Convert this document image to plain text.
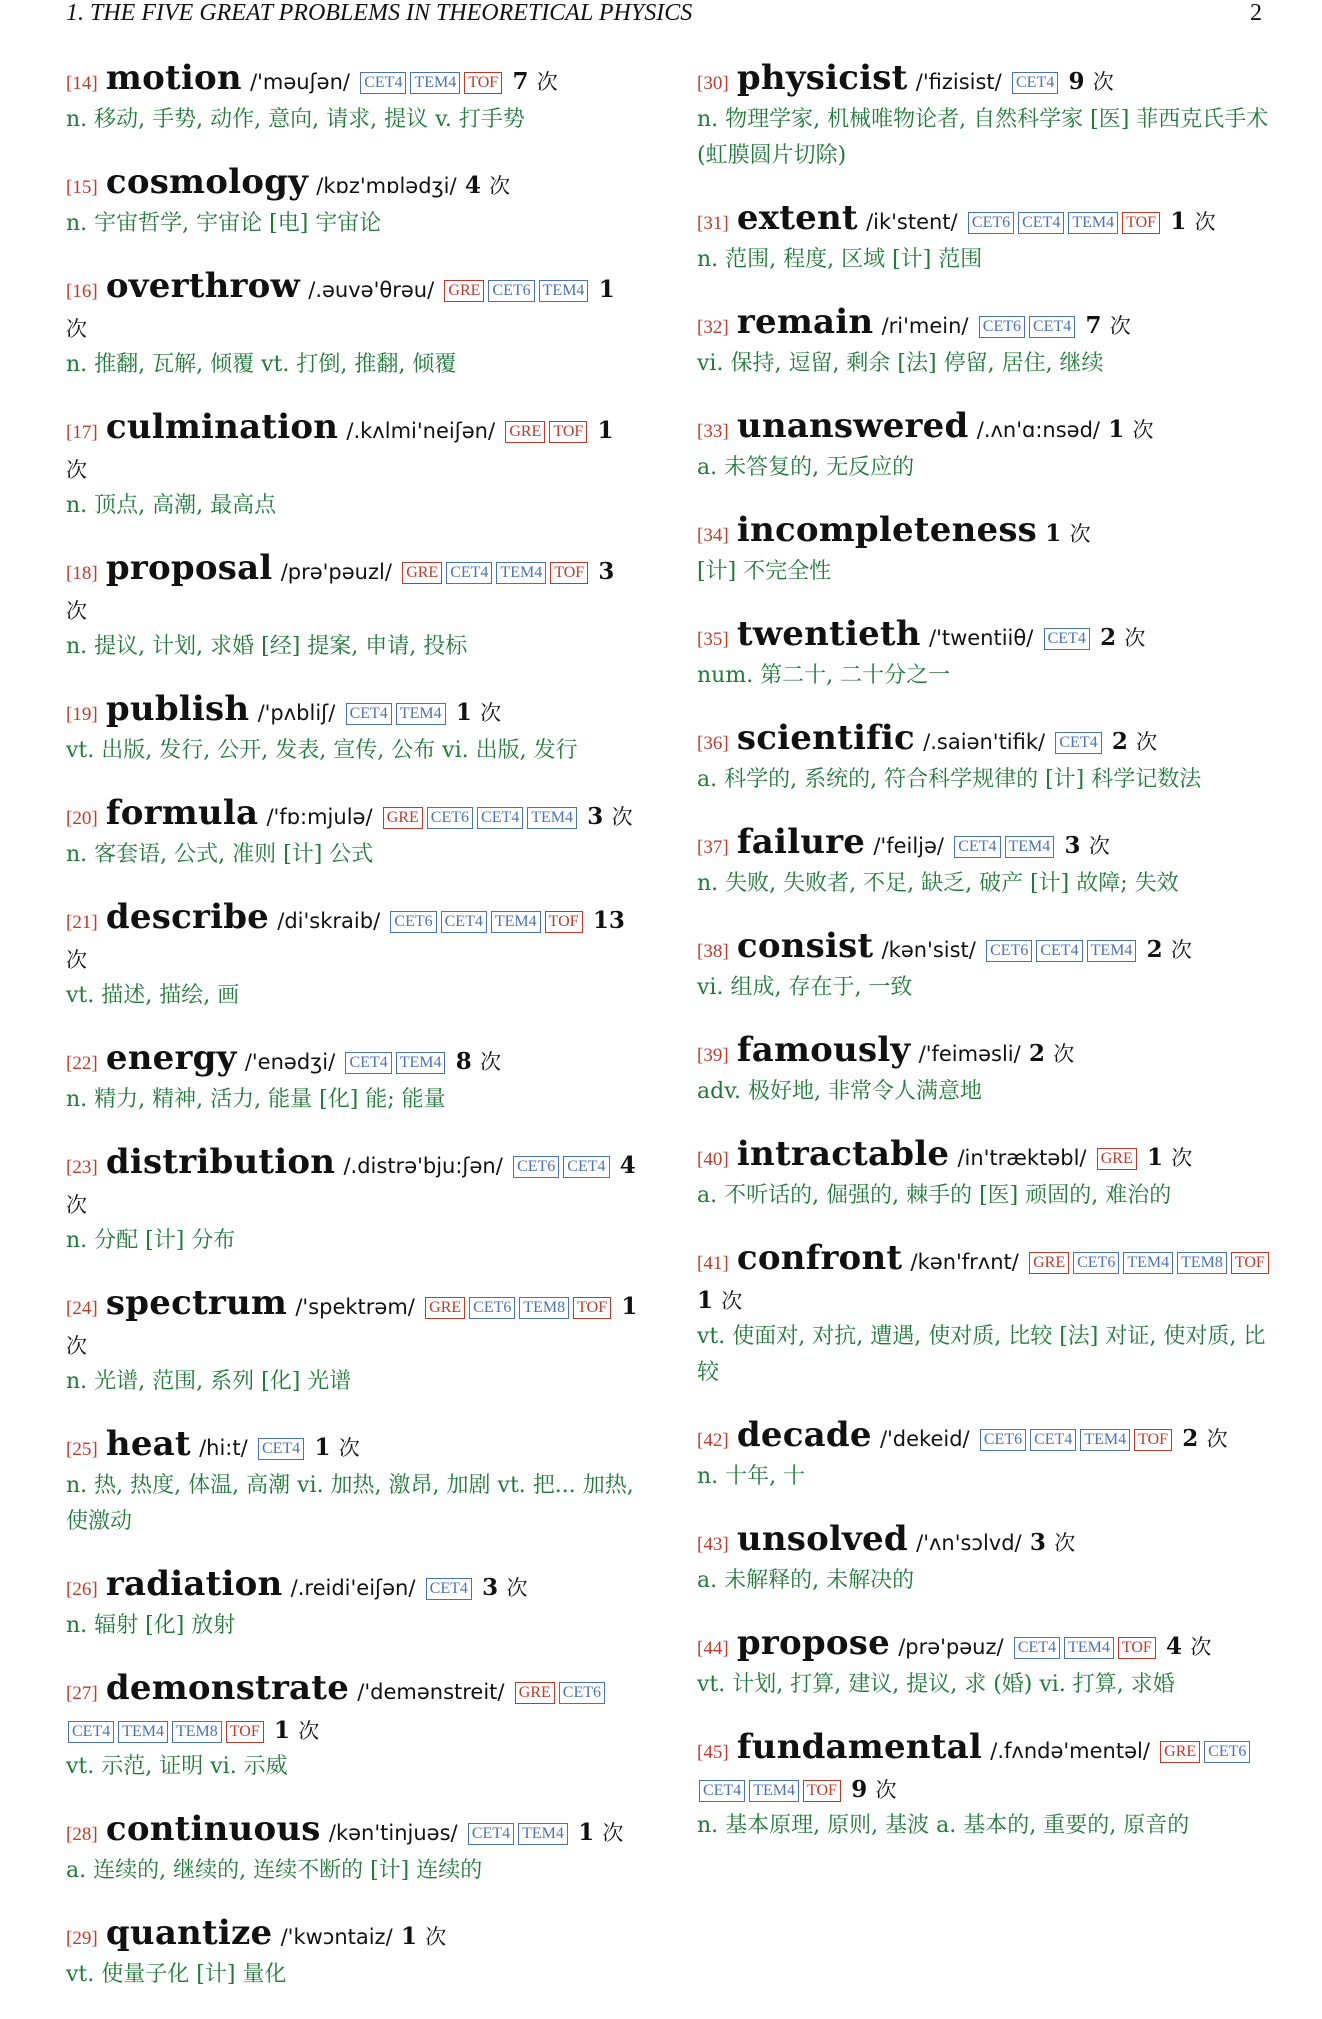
1. THE FIVE GREAT PROBLEMS IN THEORETICAL PHYSICS	2
[14] motion /'məuʃən/ CET4 TEM4 TOF 7 次
n. 移动, 手势, 动作, 意向, 请求, 提议 v. 打手势
[15] cosmology /kɒz'mɒlədʒi/ 4 次
n. 宇宙哲学, 宇宙论 [电] 宇宙论
[16] overthrow /.əuvə'θrəu/ GRE CET6 TEM4 1 次
n. 推翻, 瓦解, 倾覆 vt. 打倒, 推翻, 倾覆
[17] culmination /.kʌlmi'neiʃən/ GRE TOF 1 次
n. 顶点, 高潮, 最高点
[18] proposal /prə'pəuzl/ GRE CET4 TEM4 TOF 3 次
n. 提议, 计划, 求婚 [经] 提案, 申请, 投标
[19] publish /'pʌbliʃ/ CET4 TEM4 1 次
vt. 出版, 发行, 公开, 发表, 宣传, 公布 vi. 出版, 发行
[20] formula /'fɒ:mjulə/ GRE CET6 CET4 TEM4 3 次
n. 客套语, 公式, 准则 [计] 公式
[21] describe /di'skraib/ CET6 CET4 TEM4 TOF 13 次
vt. 描述, 描绘, 画
[22] energy /'enədʒi/ CET4 TEM4 8 次
n. 精力, 精神, 活力, 能量 [化] 能; 能量
[23] distribution /.distrə'bju:ʃən/ CET6 CET4 4 次
n. 分配 [计] 分布
[24] spectrum /'spektrəm/ GRE CET6 TEM8 TOF 1 次
n. 光谱, 范围, 系列 [化] 光谱
[25] heat /hi:t/ CET4 1 次
n. 热, 热度, 体温, 高潮 vi. 加热, 激昂, 加剧 vt. 把... 加热, 使激动
[26] radiation /.reidi'eiʃən/ CET4 3 次
n. 辐射 [化] 放射
[27] demonstrate /'demənstreit/ GRE CET6CET4 TEM4 TEM8 TOF 1 次
vt. 示范, 证明 vi. 示威
[28] continuous /kən'tinjuəs/ CET4 TEM4 1 次
a. 连续的, 继续的, 连续不断的 [计] 连续的
[29] quantize /'kwɔntaiz/ 1 次
vt. 使量子化 [计] 量化
[30] physicist /'fizisist/ CET4 9 次
n. 物理学家, 机械唯物论者, 自然科学家 [医] 菲西克氏手术 (虹膜圆片切除)
[31] extent /ik'stent/ CET6 CET4 TEM4 TOF 1 次
n. 范围, 程度, 区域 [计] 范围
[32] remain /ri'mein/ CET6 CET4 7 次
vi. 保持, 逗留, 剩余 [法] 停留, 居住, 继续
[33] unanswered /.ʌn'ɑ:nsəd/ 1 次
a. 未答复的, 无反应的
[34] incompleteness 1 次
[计] 不完全性
[35] twentieth /'twentiiθ/ CET4 2 次
num. 第二十, 二十分之一
[36] scientific /.saiən'tifik/ CET4 2 次
a. 科学的, 系统的, 符合科学规律的 [计] 科学记数法
[37] failure /'feiljə/ CET4 TEM4 3 次
n. 失败, 失败者, 不足, 缺乏, 破产 [计] 故障; 失效
[38] consist /kən'sist/ CET6 CET4 TEM4 2 次
vi. 组成, 存在于, 一致
[39] famously /'feiməsli/ 2 次
adv. 极好地, 非常令人满意地
[40] intractable /in'træktəbl/ GRE 1 次
a. 不听话的, 倔强的, 棘手的 [医] 顽固的, 难治的
[41] confront /kən'frʌnt/ GRE CET6 TEM4 TEM8 TOF 1 次
vt. 使面对, 对抗, 遭遇, 使对质, 比较 [法] 对证, 使对质, 比较
[42] decade /'dekeid/ CET6 CET4 TEM4 TOF 2 次
n. 十年, 十
[43] unsolved /'ʌn'sɔlvd/ 3 次
a. 未解释的, 未解决的
[44] propose /prə'pəuz/ CET4 TEM4 TOF 4 次
vt. 计划, 打算, 建议, 提议, 求 (婚) vi. 打算, 求婚
[45] fundamental /.fʌndə'mentəl/ GRE CET6CET4 TEM4 TOF 9 次
n. 基本原理, 原则, 基波 a. 基本的, 重要的, 原音的
